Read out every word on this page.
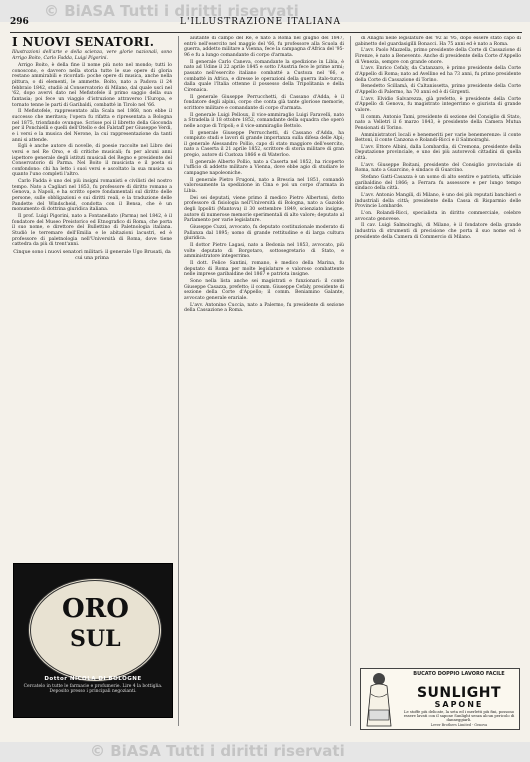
© BiASA Tutti i diritti riservati
296	L'ILLUSTRAZIONE ITALIANA
I NUOVI SENATORI.
Illustrazioni dell'arte e della scienza, vere glorie nazionali, sono Arrigo Boito, Carlo Fadda, Luigi Pigorini.

Arrigo Boito, è della fine il nome più noto nel mondo; tutti lo conoscono, e davvero nella storia tutte le sue opere di gloria restano ammirabili e ricordati: poche opere di musica, anche nella pittura, o di elementi, le ammette. Boito, nato a Padova il 24 febbraio 1842, studiò al Conservatorio di Milano, dal quale uscì nel '62, dopo avervi dato nel Mefistofele il primo saggio della sua fantasia; poi fece un viaggio d'istruzione attraverso l'Europa, e tornato tenne le parti di Garibaldi, combatté in Tirolo nel '66.

Il Mefistofele, rappresentato alla Scala nel 1868, non ebbe il successo che meritava; l'opera fu rifatta e ripresentata a Bologna nel 1875, trionfando ovunque. Scrisse poi il libretto della Gioconda per il Ponchielli e quelli dell'Otello e del Falstaff per Giuseppe Verdi, e i versi e la musica del Nerone, la cui rappresentazione da tanti anni si attende.

Egli è anche autore di novelle, di poesie raccolte nel Libro dei versi e nel Re Orso, e di critiche musicali; fu per alcuni anni ispettore generale degli istituti musicali del Regno e presidente del Conservatorio di Parma. Nel Boito il musicista e il poeta si confondono: chi ha letto i suoi versi e ascoltato la sua musica sa quanto l'uno completi l'altro.

Carlo Fadda è uno dei più insigni romanisti e civilisti del nostro tempo. Nato a Cagliari nel 1853, fu professore di diritto romano a Genova, a Napoli, e ha scritto opere fondamentali sul diritto delle persone, sulle obbligazioni e sui diritti reali, e la traduzione delle Pandette del Windscheid, condotta con il Bensa, che è un monumento di dottrina giuridica italiana.

Il prof. Luigi Pigorini, nato a Fontanellato (Parma) nel 1842, è il fondatore del Museo Preistorico ed Etnografico di Roma, che porta il suo nome, e direttore del Bullettino di Paletnologia italiana. Studiò le terremare dell'Emilia e le abitazioni lacustri, ed è professore di paletnologia nell'Università di Roma, dove tiene cattedra da più di trent'anni.

Cinque sono i nuovi senatori militari: il generale Ugo Brusati, da cui una prima

aiutante di campo del Re, è nato a Roma nel giugno del 1847, entrò nell'esercito nel maggio del '66, fu professore alla Scuola di guerra, addetto militare a Vienna, fece la campagna d'Africa del '95-96 e fu a lungo comandante di corpo d'armata.

Il generale Carlo Caneva, comandante la spedizione in Libia, è nato ad Udine il 22 aprile 1845 e sotto l'Austria fece le prime armi; passato nell'esercito italiano combatté a Custoza nel '66, e combatté in Africa, e diresse le operazioni della guerra italo-turca, dalla quale l'Italia ottenne il possesso della Tripolitania e della Cirenaica.

Il generale Giuseppe Perrucchetti, di Cassano d'Adda, è il fondatore degli alpini, corpo che conta già tante gloriose memorie, scrittore militare e comandante di corpo d'armata.

Il generale Luigi Pelloux, il vice-ammiraglio Luigi Faravelli, nato a Stradella il 18 ottobre 1852, comandante della squadra che operò nelle acque di Tripoli; e il vice-ammiraglio Bettolo.

Il generale Giuseppe Perrucchetti, di Cassano d'Adda, ha compiuto studi e lavori di grande importanza sulla difesa delle Alpi; il generale Alessandro Pollio, capo di stato maggiore dell'esercito, nato a Caserta il 21 aprile 1852, scrittore di storia militare di gran pregio, autore di Custoza 1866 e di Waterloo.

Il generale Alberto Pollio, nato a Caserta nel 1852, ha ricoperto l'ufficio di addetto militare a Vienna, dove ebbe agio di studiare le campagne napoleoniche.

Il generale Pietro Frugoni, nato a Brescia nel 1851, comandò valorosamente la spedizione in Cina e poi un corpo d'armata in Libia.

Dei sei deputati, viene primo il medico Pietro Albertoni, dotto professore di fisiologia nell'Università di Bologna, nato a Gazoldo degli Ippoliti (Mantova) il 30 settembre 1849, scienziato insigne, autore di numerose memorie sperimentali di alto valore; deputato al Parlamento per varie legislature.

Giuseppe Cuzzi, avvocato, fu deputato costituzionale moderato di Pallanza dal 1895; uomo di grande rettitudine e di larga cultura giuridica.

Il dottor Pietro Lagasi, nato a Bedonia nel 1853, avvocato, più volte deputato di Borgotaro, sottosegretario di Stato, e amministratore integerrimo.

Il dott. Felice Santini, romano, è medico della Marina, fu deputato di Roma per molte legislature e valoroso combattente nelle imprese garibaldine del 1867 e patriota insigne.

Sono nella lista anche sei magistrati e funzionari: il conte Giuseppe Casazza, prefetto; il comm. Giuseppe Cefaly, presidente di sezione della Corte d'Appello; il comm. Beniamino Galante, avvocato generale erariale.

L'avv. Antonino Cuccia, nato a Palermo, fu presidente di sezione della Cassazione a Roma.

di Anagni nelle legislature del '92 al '95, dopo essere stato capo di gabinetto del guardasigilli Bonacci. Ha 75 anni ed è nato a Roma.

L'avv. Paolo Mazzella, primo presidente della Corte di Cassazione di Firenze, è nato a Benevento. Anche di presidente della Corte d'Appello di Venezia, sempre con grande onore.

L'avv. Enrico Cefaly, da Catanzaro, è primo presidente della Corte d'Appello di Roma; nato ad Avellino ed ha 73 anni, fu primo presidente della Corte di Cassazione di Torino.

Benedetto Scillamà, di Caltanissetta, primo presidente della Corte d'Appello di Palermo, ha 70 anni ed è di Girgenti.

L'avv. Elvidio Salvarezza, già prefetto, è presidente della Corte d'Appello di Genova, fu magistrato integerrimo e giurista di grande valore.

Il comm. Antonio Tami, presidente di sezione del Consiglio di Stato, nato a Velletri il 6 marzo 1843, è presidente della Camera Mutua Pensionati di Torino.

Amministratori locali e benemeriti per varie benemerenze: il conte Bettoni, il conte Canzona e Rolandi-Ricci e il Salmoiraghi.

L'avv. Ettore Albini, dalla Lombardia, di Cremona, presidente della Deputazione provinciale, e uno dei più autorevoli cittadini di quella città.

L'avv. Giuseppe Boitani, presidente del Consiglio provinciale di Roma, nato a Guarcino, è sindaco di Guarcino.

Stefano Gatti-Casazza è un uomo di alto sentire e patriota, ufficiale garibaldino del 1866; a Ferrara fu assessore e per lungo tempo sindaco della città.

L'avv. Antonio Mangili, di Milano, è uno dei più reputati banchieri e industriali della città; presidente della Cassa di Risparmio delle Provincie Lombarde.

L'on. Rolandi-Ricci, specialista in diritto commerciale, celebre avvocato genovese.

Il cav. Luigi Salmoiraghi, di Milano, è il fondatore della grande industria di strumenti di precisione che porta il suo nome ed è presidente della Camera di Commercio di Milano.

ORO
SUL
Dottor NICOLA DI BOLOGNE
Cercatelo in tutte le farmacie e profumerie. Lire 4 la bottiglia. Deposito presso i principali negozianti.
BUCATO DOPPIO LAVORO FACILE
SUNLIGHT
SAPONE
Le stoffe più delicate, la seta ed i merletti più fini, possono essere lavati con il sapone Sunlight senza alcun pericolo di danneggiarli.
Lever Brothers Limited - Genova
© BiASA Tutti i diritti riservati
